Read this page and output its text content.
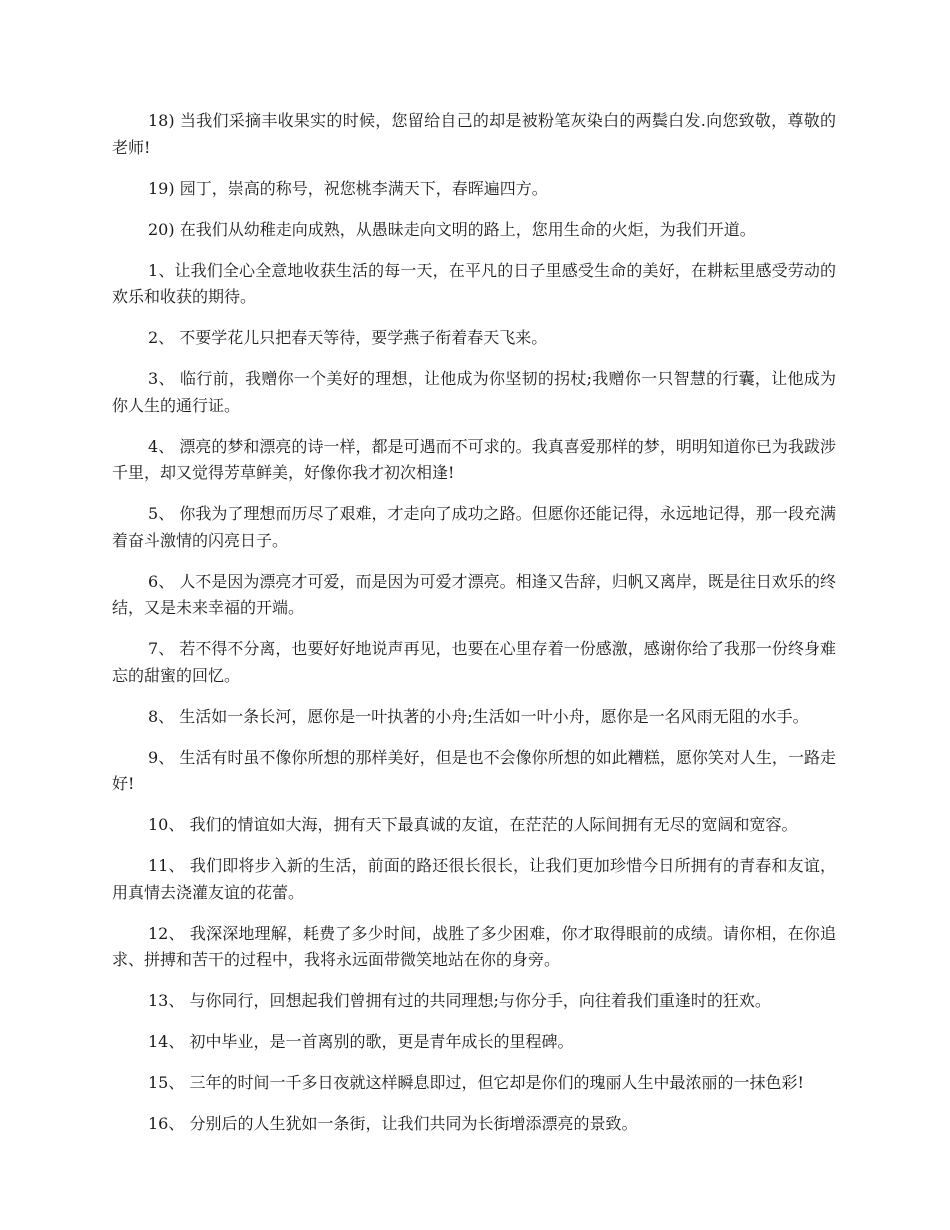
18) 当我们采摘丰收果实的时候，您留给自己的却是被粉笔灰染白的两鬓白发.向您致敬，尊敬的老师!

19) 园丁，崇高的称号，祝您桃李满天下，春晖遍四方。

20) 在我们从幼稚走向成熟，从愚昧走向文明的路上，您用生命的火炬，为我们开道。

1、让我们全心全意地收获生活的每一天，在平凡的日子里感受生命的美好，在耕耘里感受劳动的欢乐和收获的期待。

2、 不要学花儿只把春天等待，要学燕子衔着春天飞来。

3、 临行前，我赠你一个美好的理想，让他成为你坚韧的拐杖;我赠你一只智慧的行囊，让他成为你人生的通行证。

4、 漂亮的梦和漂亮的诗一样，都是可遇而不可求的。我真喜爱那样的梦，明明知道你已为我跋涉千里，却又觉得芳草鲜美，好像你我才初次相逢!

5、 你我为了理想而历尽了艰难，才走向了成功之路。但愿你还能记得，永远地记得，那一段充满着奋斗激情的闪亮日子。

6、 人不是因为漂亮才可爱，而是因为可爱才漂亮。相逢又告辞，归帆又离岸，既是往日欢乐的终结，又是未来幸福的开端。

7、 若不得不分离，也要好好地说声再见，也要在心里存着一份感激，感谢你给了我那一份终身难忘的甜蜜的回忆。

8、 生活如一条长河，愿你是一叶执著的小舟;生活如一叶小舟，愿你是一名风雨无阻的水手。

9、 生活有时虽不像你所想的那样美好，但是也不会像你所想的如此糟糕，愿你笑对人生，一路走好!

10、 我们的情谊如大海，拥有天下最真诚的友谊，在茫茫的人际间拥有无尽的宽阔和宽容。

11、 我们即将步入新的生活，前面的路还很长很长，让我们更加珍惜今日所拥有的青春和友谊，用真情去浇灌友谊的花蕾。

12、 我深深地理解，耗费了多少时间，战胜了多少困难，你才取得眼前的成绩。请你相，在你追求、拼搏和苦干的过程中，我将永远面带微笑地站在你的身旁。

13、 与你同行，回想起我们曾拥有过的共同理想;与你分手，向往着我们重逢时的狂欢。

14、 初中毕业，是一首离别的歌，更是青年成长的里程碑。

15、 三年的时间一千多日夜就这样瞬息即过，但它却是你们的瑰丽人生中最浓丽的一抹色彩!

16、 分别后的人生犹如一条街，让我们共同为长街增添漂亮的景致。
